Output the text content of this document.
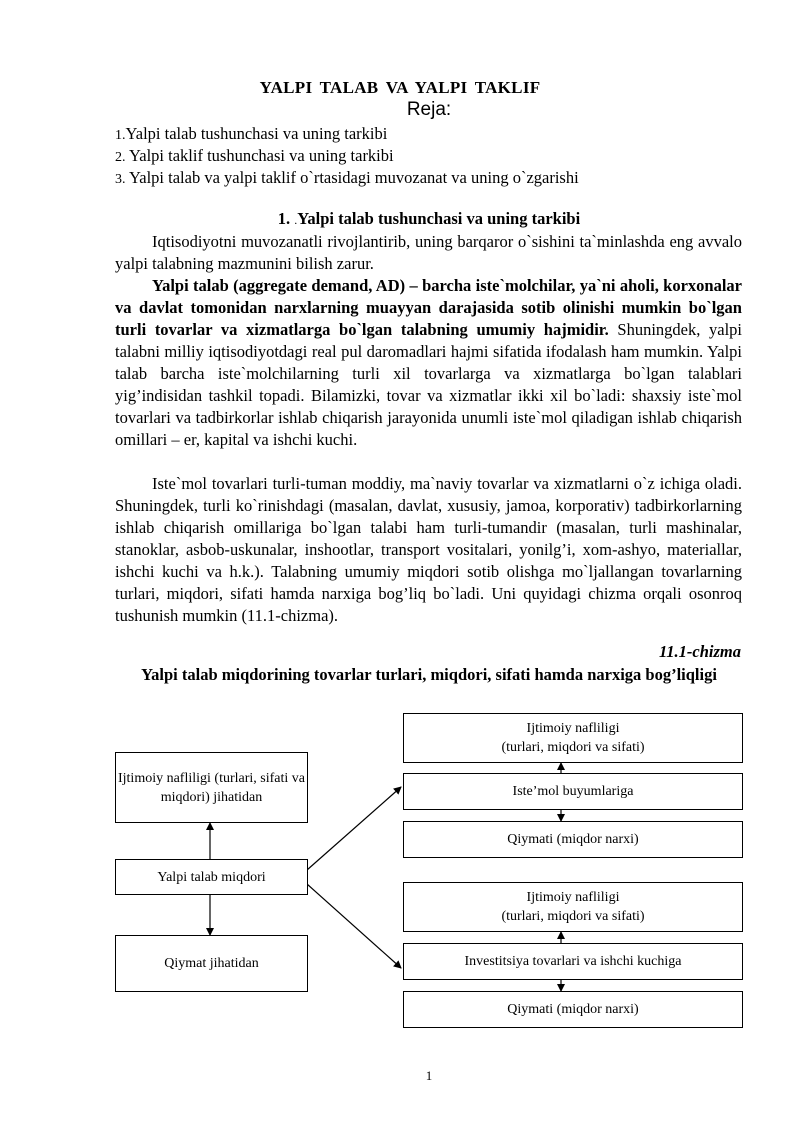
YALPI TALAB VA YALPI TAKLIF
Reja:
1.Yalpi talab tushunchasi va uning tarkibi
2. Yalpi taklif tushunchasi va uning tarkibi
3. Yalpi talab va yalpi taklif o`rtasidagi muvozanat va uning o`zgarishi
1. .Yalpi talab tushunchasi va uning tarkibi
Iqtisodiyotni muvozanatli rivojlantirib, uning barqaror o`sishini ta`minlashda eng avvalo yalpi talabning mazmunini bilish zarur.
Yalpi talab (aggregate demand, AD) – barcha iste`molchilar, ya`ni aholi, korxonalar va davlat tomonidan narxlarning muayyan darajasida sotib olinishi mumkin bo`lgan turli tovarlar va xizmatlarga bo`lgan talabning umumiy hajmidir. Shuningdek, yalpi talabni milliy iqtisodiyotdagi real pul daromadlari hajmi sifatida ifodalash ham mumkin. Yalpi talab barcha iste`molchilarning turli xil tovarlarga va xizmatlarga bo`lgan talablari yig’indisidan tashkil topadi. Bilamizki, tovar va xizmatlar ikki xil bo`ladi: shaxsiy iste`mol tovarlari va tadbirkorlar ishlab chiqarish jarayonida unumli iste`mol qiladigan ishlab chiqarish omillari – er, kapital va ishchi kuchi.
Iste`mol tovarlari turli-tuman moddiy, ma`naviy tovarlar va xizmatlarni o`z ichiga oladi. Shuningdek, turli ko`rinishdagi (masalan, davlat, xususiy, jamoa, korporativ) tadbirkorlarning ishlab chiqarish omillariga bo`lgan talabi ham turli-tumandir (masalan, turli mashinalar, stanoklar, asbob-uskunalar, inshootlar, transport vositalari, yonilg’i, xom-ashyo, materiallar, ishchi kuchi va h.k.). Talabning umumiy miqdori sotib olishga mo`ljallangan tovarlarning turlari, miqdori, sifati hamda narxiga bog’liq bo`ladi. Uni quyidagi chizma orqali osonroq tushunish mumkin (11.1-chizma).
11.1-chizma
Yalpi talab miqdorining tovarlar turlari, miqdori, sifati hamda narxiga bog’liqligi
Ijtimoiy nafliligi (turlari, sifati va miqdori) jihatidan
Yalpi talab miqdori
Qiymat jihatidan
Ijtimoiy nafliligi
(turlari, miqdori va sifati)
Iste’mol buyumlariga
Qiymati (miqdor narxi)
Ijtimoiy nafliligi
(turlari, miqdori va sifati)
Investitsiya tovarlari va ishchi kuchiga
Qiymati (miqdor narxi)
1
